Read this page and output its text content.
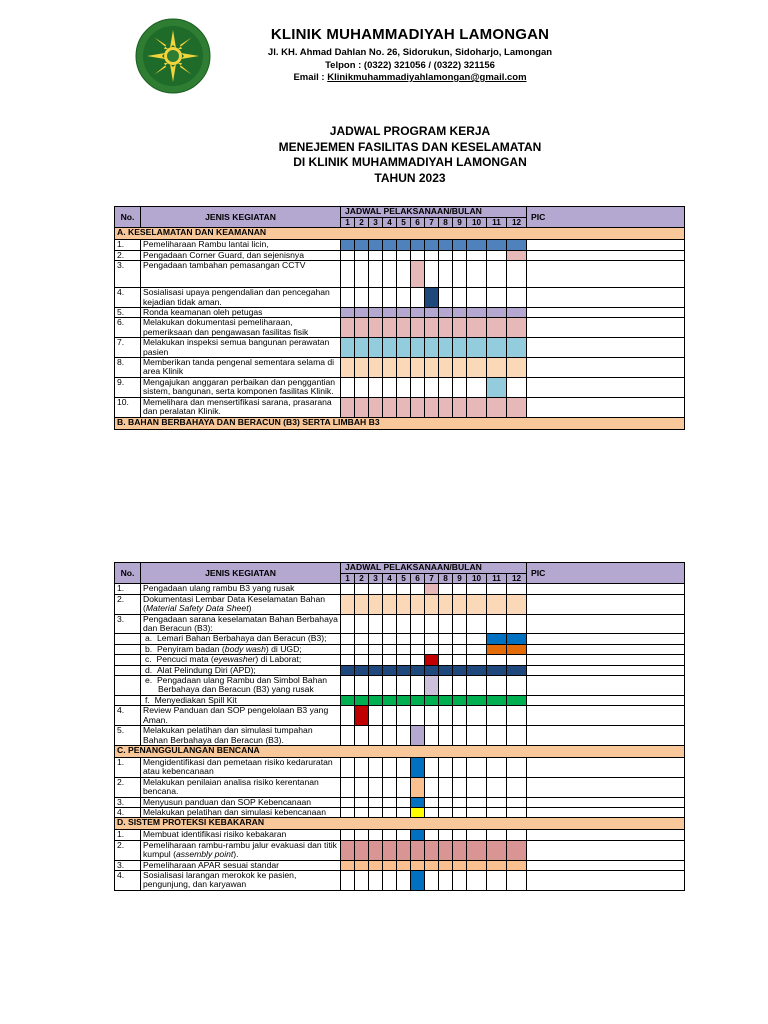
KLINIK MUHAMMADIYAH LAMONGAN
Jl. KH. Ahmad Dahlan No. 26, Sidorukun, Sidoharjo, Lamongan
Telpon : (0322) 321056 / (0322) 321156
Email : Klinikmuhammadiyahlamongan@gmail.com
JADWAL PROGRAM KERJA
MENEJEMEN FASILITAS DAN KESELAMATAN
DI KLINIK MUHAMMADIYAH LAMONGAN
TAHUN 2023
No.	JENIS KEGIATAN	JADWAL PELAKSANAAN/BULAN												PIC
		1	2	3	4	5	6	7	8	9	10	11	12	
A. KESELAMATAN DAN KEAMANAN														
1.	Pemeliharaan Rambu lantai licin,													
2.	Pengadaan Corner Guard, dan sejenisnya													
3.	Pengadaan tambahan pemasangan CCTV													
4.	Sosialisasi upaya pengendalian dan pencegahan kejadian tidak aman.													
5.	Ronda keamanan oleh petugas													
6.	Melakukan dokumentasi pemeliharaan, pemeriksaan dan pengawasan fasilitas fisik													
7.	Melakukan inspeksi semua bangunan perawatan pasien													
8.	Memberikan tanda pengenal sementara selama di area Klinik													
9.	Mengajukan anggaran perbaikan dan penggantian sistem, bangunan, serta komponen fasilitas Klinik.													
10.	Memelihara dan mensertifikasi sarana, prasarana dan peralatan Klinik.													
B. BAHAN BERBAHAYA DAN BERACUN (B3) SERTA LIMBAH B3														
No.	JENIS KEGIATAN	JADWAL PELAKSANAAN/BULAN												PIC
		1	2	3	4	5	6	7	8	9	10	11	12	
1.	Pengadaan ulang rambu B3 yang rusak													
2.	Dokumentasi Lembar Data Keselamatan Bahan (Material Safety Data Sheet)													
3.	Pengadaan sarana keselamatan Bahan Berbahaya dan Beracun (B3):													

	a. Lemari Bahan Berbahaya dan Beracun (B3);													

	b. Penyiram badan (body wash) di UGD;													

	c. Pencuci mata (eyewasher) di Laborat;													

	d. Alat Pelindung Diri (APD);													

	e. Pengadaan ulang Rambu dan Simbol Bahan Berbahaya dan Beracun (B3) yang rusak													

	f. Menyediakan Spill Kit													

4.	Review Panduan dan SOP pengelolaan B3 yang Aman.													
5.	Melakukan pelatihan dan simulasi tumpahan Bahan Berbahaya dan Beracun (B3).													
C. PENANGGULANGAN BENCANA														
1.	Mengidentifikasi dan pemetaan risiko kedaruratan atau kebencanaan													
2.	Melakukan penilaian analisa risiko kerentanan bencana.													
3.	Menyusun panduan dan SOP Kebencanaan													
4.	Melakukan pelatihan dan simulasi kebencanaan													
D. SISTEM PROTEKSI KEBAKARAN														
1.	Membuat identifikasi risiko kebakaran													
2.	Pemeliharaan rambu-rambu jalur evakuasi dan titik kumpul (assembly point).													
3.	Pemeliharaan APAR sesuai standar													
4.	Sosialisasi larangan merokok ke pasien, pengunjung, dan karyawan													
